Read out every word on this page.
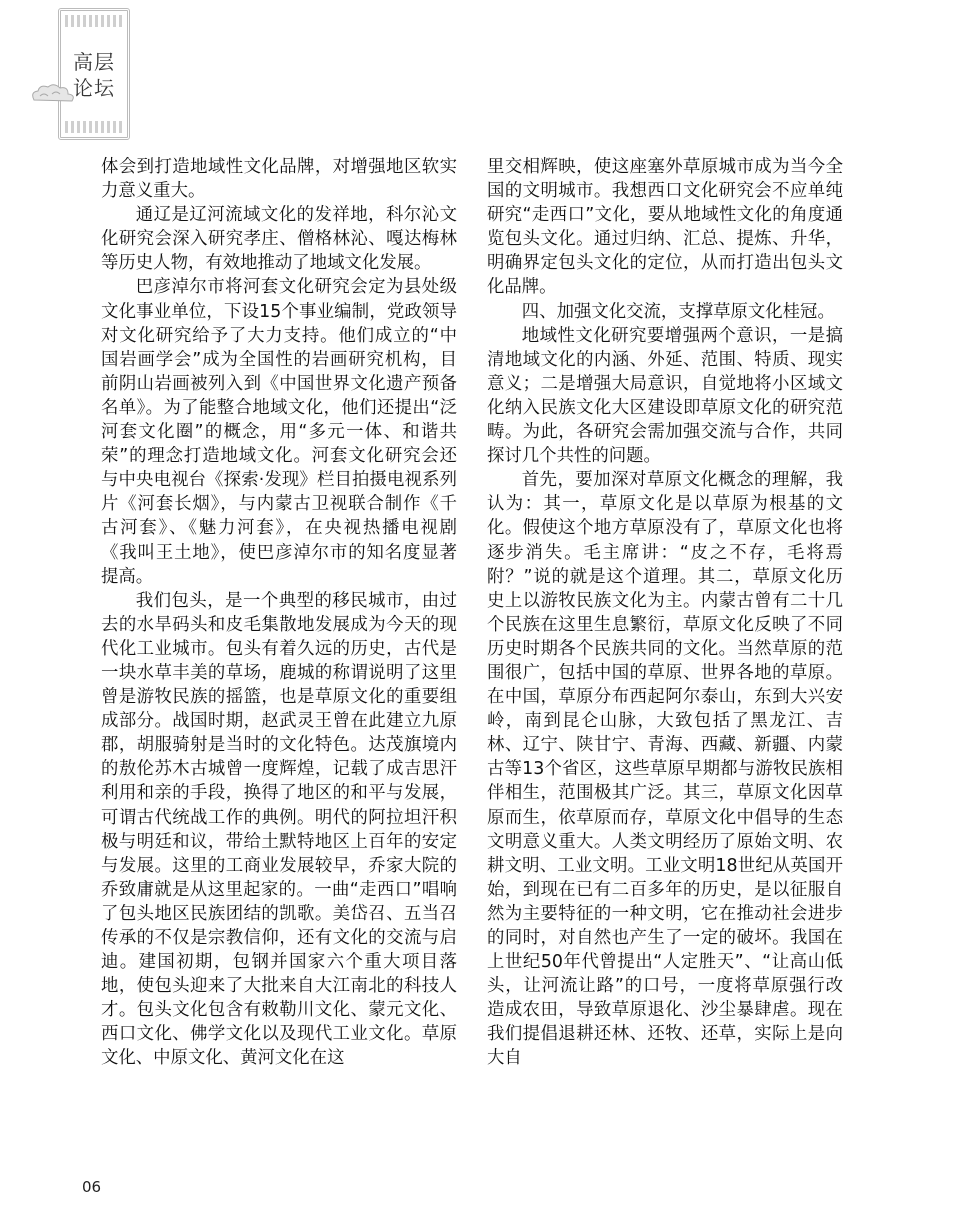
高层
论坛

体会到打造地域性文化品牌，对增强地区软实力意义重大。

通辽是辽河流域文化的发祥地，科尔沁文化研究会深入研究孝庄、僧格林沁、嘎达梅林等历史人物，有效地推动了地域文化发展。

巴彦淖尔市将河套文化研究会定为县处级文化事业单位，下设15个事业编制，党政领导对文化研究给予了大力支持。他们成立的“中国岩画学会”成为全国性的岩画研究机构，目前阴山岩画被列入到《中国世界文化遗产预备名单》。为了能整合地域文化，他们还提出“泛河套文化圈”的概念，用“多元一体、和谐共荣”的理念打造地域文化。河套文化研究会还与中央电视台《探索·发现》栏目拍摄电视系列片《河套长烟》，与内蒙古卫视联合制作《千古河套》、《魅力河套》，在央视热播电视剧《我叫王土地》，使巴彦淖尔市的知名度显著提高。

我们包头，是一个典型的移民城市，由过去的水旱码头和皮毛集散地发展成为今天的现代化工业城市。包头有着久远的历史，古代是一块水草丰美的草场，鹿城的称谓说明了这里曾是游牧民族的摇篮，也是草原文化的重要组成部分。战国时期，赵武灵王曾在此建立九原郡，胡服骑射是当时的文化特色。达茂旗境内的敖伦苏木古城曾一度辉煌，记载了成吉思汗利用和亲的手段，换得了地区的和平与发展，可谓古代统战工作的典例。明代的阿拉坦汗积极与明廷和议，带给土默特地区上百年的安定与发展。这里的工商业发展较早，乔家大院的乔致庸就是从这里起家的。一曲“走西口”唱响了包头地区民族团结的凯歌。美岱召、五当召传承的不仅是宗教信仰，还有文化的交流与启迪。建国初期，包钢并国家六个重大项目落地，使包头迎来了大批来自大江南北的科技人才。包头文化包含有敕勒川文化、蒙元文化、西口文化、佛学文化以及现代工业文化。草原文化、中原文化、黄河文化在这

里交相辉映，使这座塞外草原城市成为当今全国的文明城市。我想西口文化研究会不应单纯研究“走西口”文化，要从地域性文化的角度通览包头文化。通过归纳、汇总、提炼、升华，明确界定包头文化的定位，从而打造出包头文化品牌。

四、加强文化交流，支撑草原文化桂冠。

地域性文化研究要增强两个意识，一是搞清地域文化的内涵、外延、范围、特质、现实意义；二是增强大局意识，自觉地将小区域文化纳入民族文化大区建设即草原文化的研究范畴。为此，各研究会需加强交流与合作，共同探讨几个共性的问题。

首先，要加深对草原文化概念的理解，我认为：其一，草原文化是以草原为根基的文化。假使这个地方草原没有了，草原文化也将逐步消失。毛主席讲：“皮之不存，毛将焉附？”说的就是这个道理。其二，草原文化历史上以游牧民族文化为主。内蒙古曾有二十几个民族在这里生息繁衍，草原文化反映了不同历史时期各个民族共同的文化。当然草原的范围很广，包括中国的草原、世界各地的草原。在中国，草原分布西起阿尔泰山，东到大兴安岭，南到昆仑山脉，大致包括了黑龙江、吉林、辽宁、陕甘宁、青海、西藏、新疆、内蒙古等13个省区，这些草原早期都与游牧民族相伴相生，范围极其广泛。其三，草原文化因草原而生，依草原而存，草原文化中倡导的生态文明意义重大。人类文明经历了原始文明、农耕文明、工业文明。工业文明18世纪从英国开始，到现在已有二百多年的历史，是以征服自然为主要特征的一种文明，它在推动社会进步的同时，对自然也产生了一定的破坏。我国在上世纪50年代曾提出“人定胜天”、“让高山低头，让河流让路”的口号，一度将草原强行改造成农田，导致草原退化、沙尘暴肆虐。现在我们提倡退耕还林、还牧、还草，实际上是向大自

06
